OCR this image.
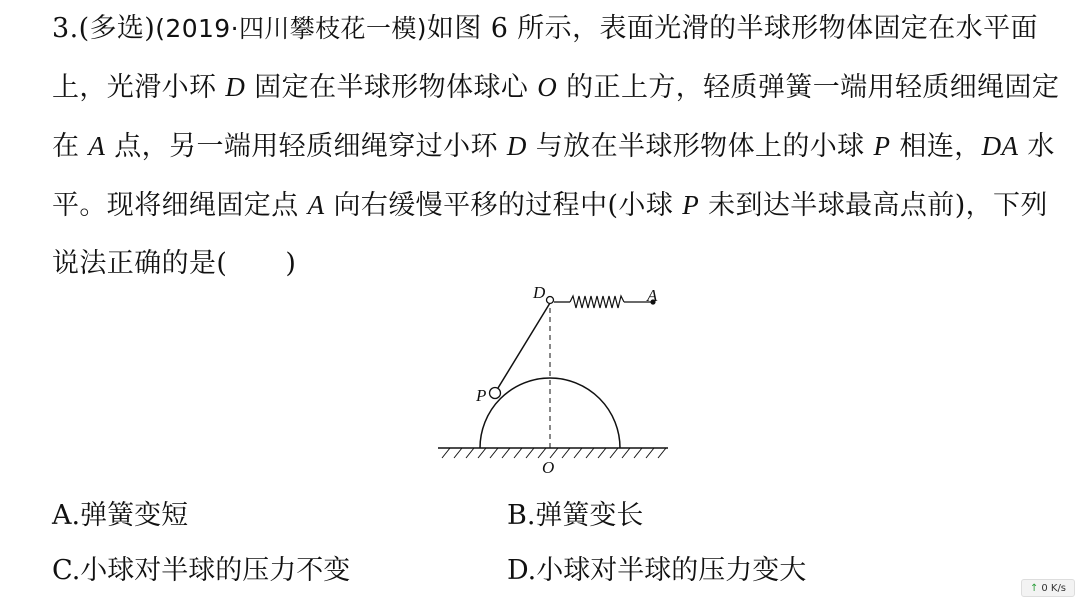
3.(多选)(2019·四川攀枝花一模)如图 6 所示，表面光滑的半球形物体固定在水平面上，光滑小环 D 固定在半球形物体球心 O 的正上方，轻质弹簧一端用轻质细绳固定在 A 点，另一端用轻质细绳穿过小环 D 与放在半球形物体上的小球 P 相连，DA 水平。现将细绳固定点 A 向右缓慢平移的过程中(小球 P 未到达半球最高点前)，下列说法正确的是( )
D	A
P
O
A.弹簧变短	B.弹簧变长
C.小球对半球的压力不变	D.小球对半球的压力变大
↑ 0 K/s
